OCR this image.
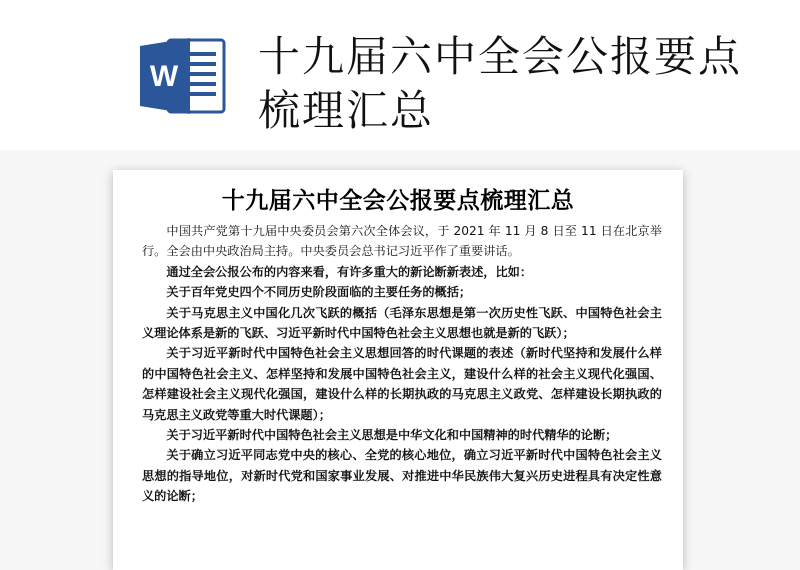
W 十九届六中全会公报要点梳理汇总
十九届六中全会公报要点梳理汇总

中国共产党第十九届中央委员会第六次全体会议，于 2021 年 11 月 8 日至 11 日在北京举行。全会由中央政治局主持。中央委员会总书记习近平作了重要讲话。

通过全会公报公布的内容来看，有许多重大的新论断新表述，比如：

关于百年党史四个不同历史阶段面临的主要任务的概括；

关于马克思主义中国化几次飞跃的概括（毛泽东思想是第一次历史性飞跃、中国特色社会主义理论体系是新的飞跃、习近平新时代中国特色社会主义思想也就是新的飞跃）；

关于习近平新时代中国特色社会主义思想回答的时代课题的表述（新时代坚持和发展什么样的中国特色社会主义、怎样坚持和发展中国特色社会主义，建设什么样的社会主义现代化强国、怎样建设社会主义现代化强国，建设什么样的长期执政的马克思主义政党、怎样建设长期执政的马克思主义政党等重大时代课题）；

关于习近平新时代中国特色社会主义思想是中华文化和中国精神的时代精华的论断；

关于确立习近平同志党中央的核心、全党的核心地位，确立习近平新时代中国特色社会主义思想的指导地位，对新时代党和国家事业发展、对推进中华民族伟大复兴历史进程具有决定性意义的论断；
